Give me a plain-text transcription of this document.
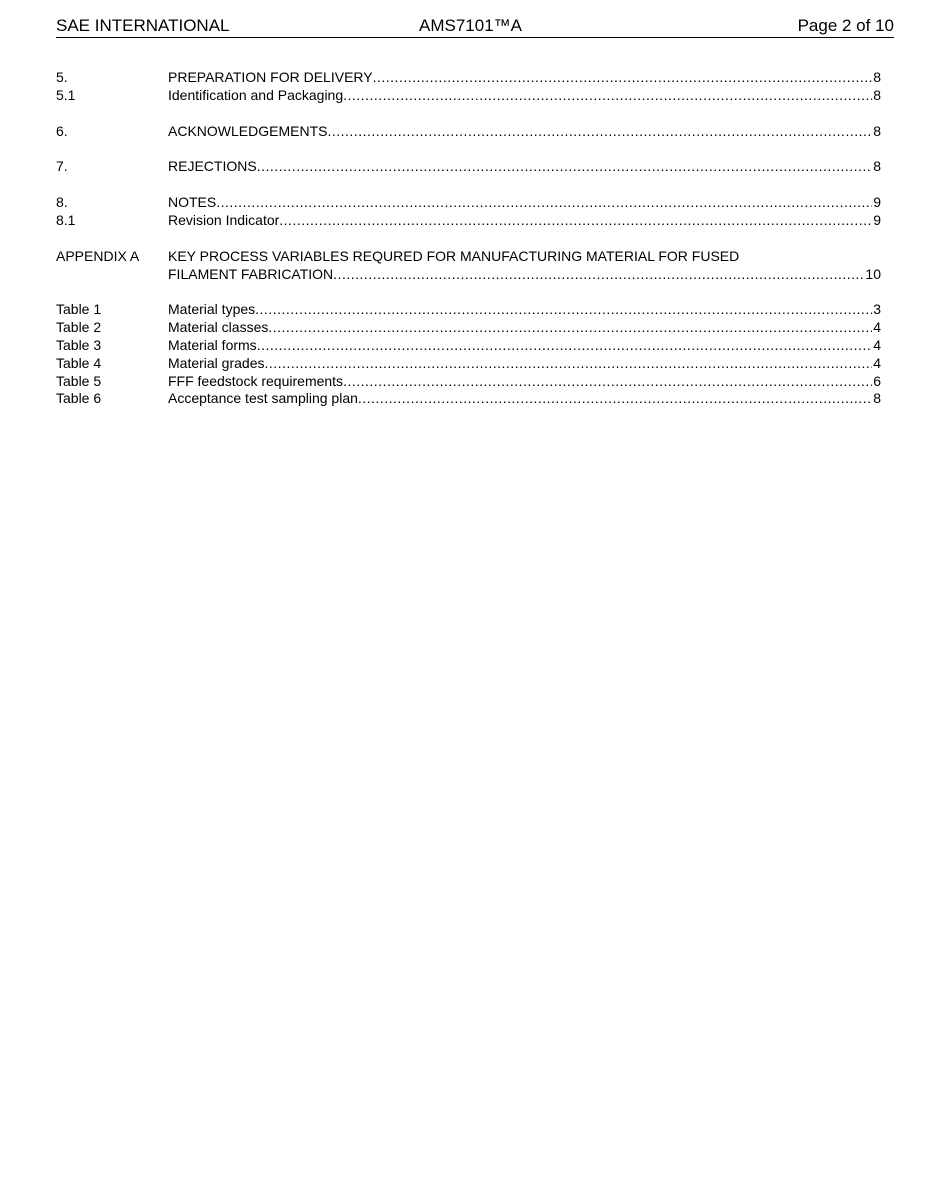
SAE INTERNATIONAL	AMS7101™A	Page 2 of 10
5.	PREPARATION FOR DELIVERY .....	8
5.1	Identification and Packaging .....	8
6.	ACKNOWLEDGEMENTS .....	8
7.	REJECTIONS .....	8
8.	NOTES .....	9
8.1	Revision Indicator .....	9
APPENDIX A	KEY PROCESS VARIABLES REQURED FOR MANUFACTURING MATERIAL FOR FUSED
FILAMENT FABRICATION .....	10
Table 1	Material types .....	3
Table 2	Material classes .....	4
Table 3	Material forms .....	4
Table 4	Material grades .....	4
Table 5	FFF feedstock requirements .....	6
Table 6	Acceptance test sampling plan .....	8
